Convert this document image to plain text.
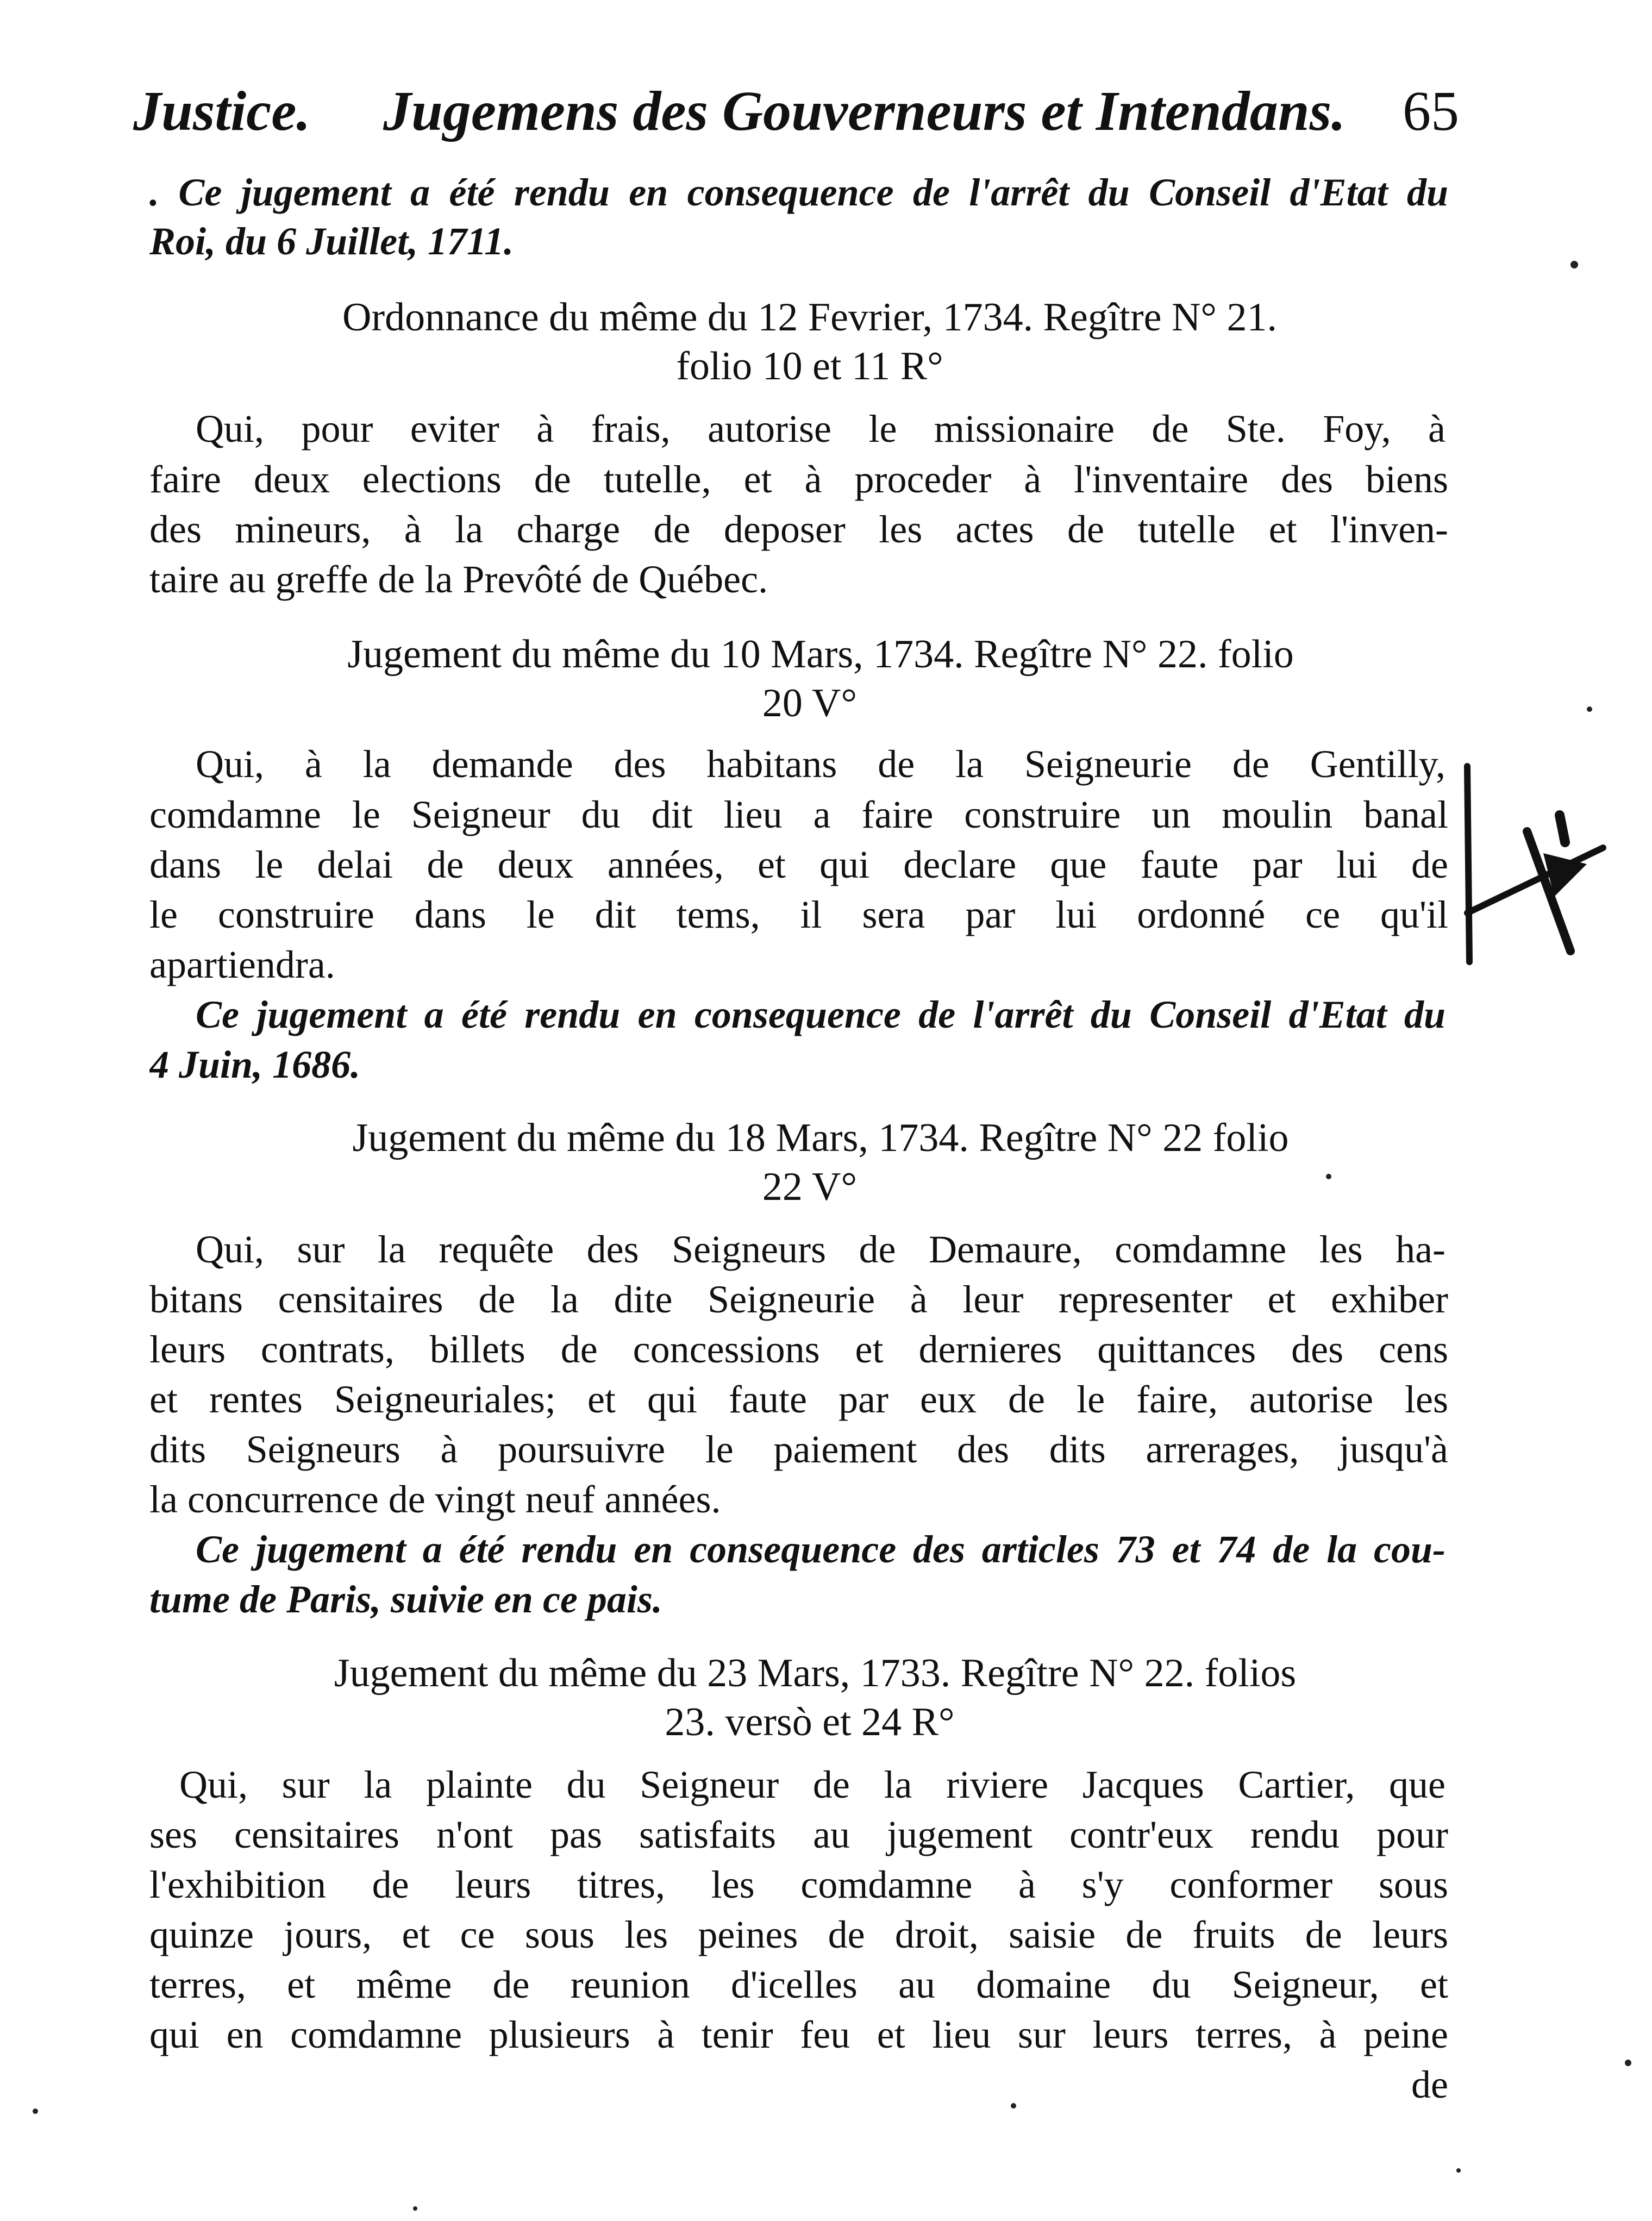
Justice. Jugemens des Gouverneurs et Intendans. 65
. Ce jugement a été rendu en consequence de l'arrêt du Conseil d'Etat du
Roi, du 6 Juillet, 1711.
Ordonnance du même du 12 Fevrier, 1734. Regître N° 21.
folio 10 et 11 R°
Qui, pour eviter à frais, autorise le missionaire de Ste. Foy, à
faire deux elections de tutelle, et à proceder à l'inventaire des biens
des mineurs, à la charge de deposer les actes de tutelle et l'inven-
taire au greffe de la Prevôté de Québec.
Jugement du même du 10 Mars, 1734. Regître N° 22. folio
20 V°
Qui, à la demande des habitans de la Seigneurie de Gentilly,
comdamne le Seigneur du dit lieu a faire construire un moulin banal
dans le delai de deux années, et qui declare que faute par lui de
le construire dans le dit tems, il sera par lui ordonné ce qu'il
apartiendra.
Ce jugement a été rendu en consequence de l'arrêt du Conseil d'Etat du
4 Juin, 1686.
Jugement du même du 18 Mars, 1734. Regître N° 22 folio
22 V°
Qui, sur la requête des Seigneurs de Demaure, comdamne les ha-
bitans censitaires de la dite Seigneurie à leur representer et exhiber
leurs contrats, billets de concessions et dernieres quittances des cens
et rentes Seigneuriales; et qui faute par eux de le faire, autorise les
dits Seigneurs à poursuivre le paiement des dits arrerages, jusqu'à
la concurrence de vingt neuf années.
Ce jugement a été rendu en consequence des articles 73 et 74 de la cou-
tume de Paris, suivie en ce pais.
Jugement du même du 23 Mars, 1733. Regître N° 22. folios
23. versò et 24 R°
Qui, sur la plainte du Seigneur de la riviere Jacques Cartier, que
ses censitaires n'ont pas satisfaits au jugement contr'eux rendu pour
l'exhibition de leurs titres, les comdamne à s'y conformer sous
quinze jours, et ce sous les peines de droit, saisie de fruits de leurs
terres, et même de reunion d'icelles au domaine du Seigneur, et
qui en comdamne plusieurs à tenir feu et lieu sur leurs terres, à peine
de
